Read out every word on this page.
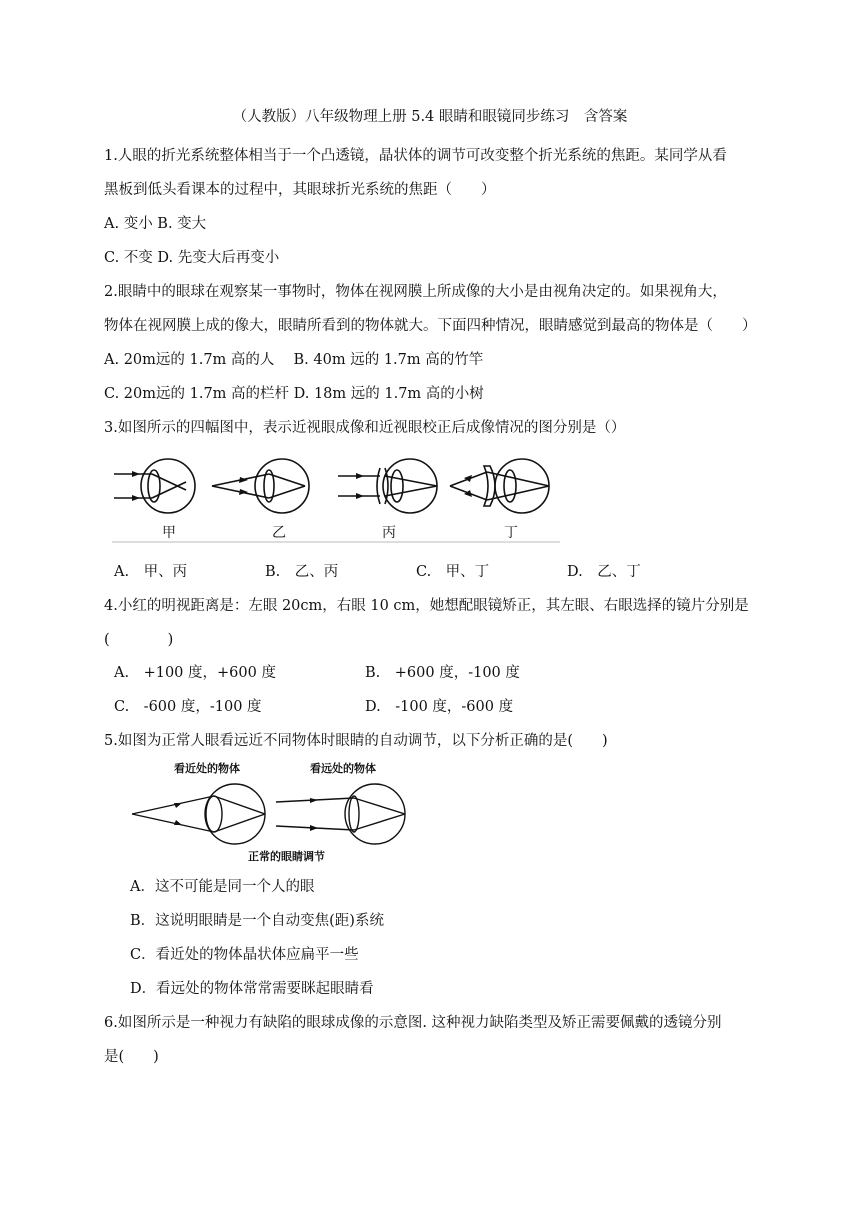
（人教版）八年级物理上册 5.4 眼睛和眼镜同步练习　含答案
1.人眼的折光系统整体相当于一个凸透镜，晶状体的调节可改变整个折光系统的焦距。某同学从看
黑板到低头看课本的过程中，其眼球折光系统的焦距（　　）
A. 变小 B. 变大
C. 不变 D. 先变大后再变小
2.眼睛中的眼球在观察某一事物时，物体在视网膜上所成像的大小是由视角决定的。如果视角大，
物体在视网膜上成的像大，眼睛所看到的物体就大。下面四种情况，眼睛感觉到最高的物体是（　　）
A. 20m远的 1.7m 高的人　 B. 40m 远的 1.7m 高的竹竿
C. 20m远的 1.7m 高的栏杆 D. 18m 远的 1.7m 高的小树
3.如图所示的四幅图中，表示近视眼成像和近视眼校正后成像情况的图分别是（）
甲	乙	丙	丁
A.　甲、丙	B.　乙、丙	C.　甲、丁	D.　乙、丁
4.小红的明视距离是：左眼 20cm，右眼 10 cm，她想配眼镜矫正，其左眼、右眼选择的镜片分别是
(　　　　)
A.　+100 度，+600 度	B.　+600 度，-100 度
C.　-600 度，-100 度	D.　-100 度，-600 度
5.如图为正常人眼看远近不同物体时眼睛的自动调节，以下分析正确的是(　　)
看近处的物体	看远处的物体
正常的眼睛调节
A．这不可能是同一个人的眼
B．这说明眼睛是一个自动变焦(距)系统
C．看近处的物体晶状体应扁平一些
D．看远处的物体常常需要眯起眼睛看
6.如图所示是一种视力有缺陷的眼球成像的示意图. 这种视力缺陷类型及矫正需要佩戴的透镜分别
是(　　)
